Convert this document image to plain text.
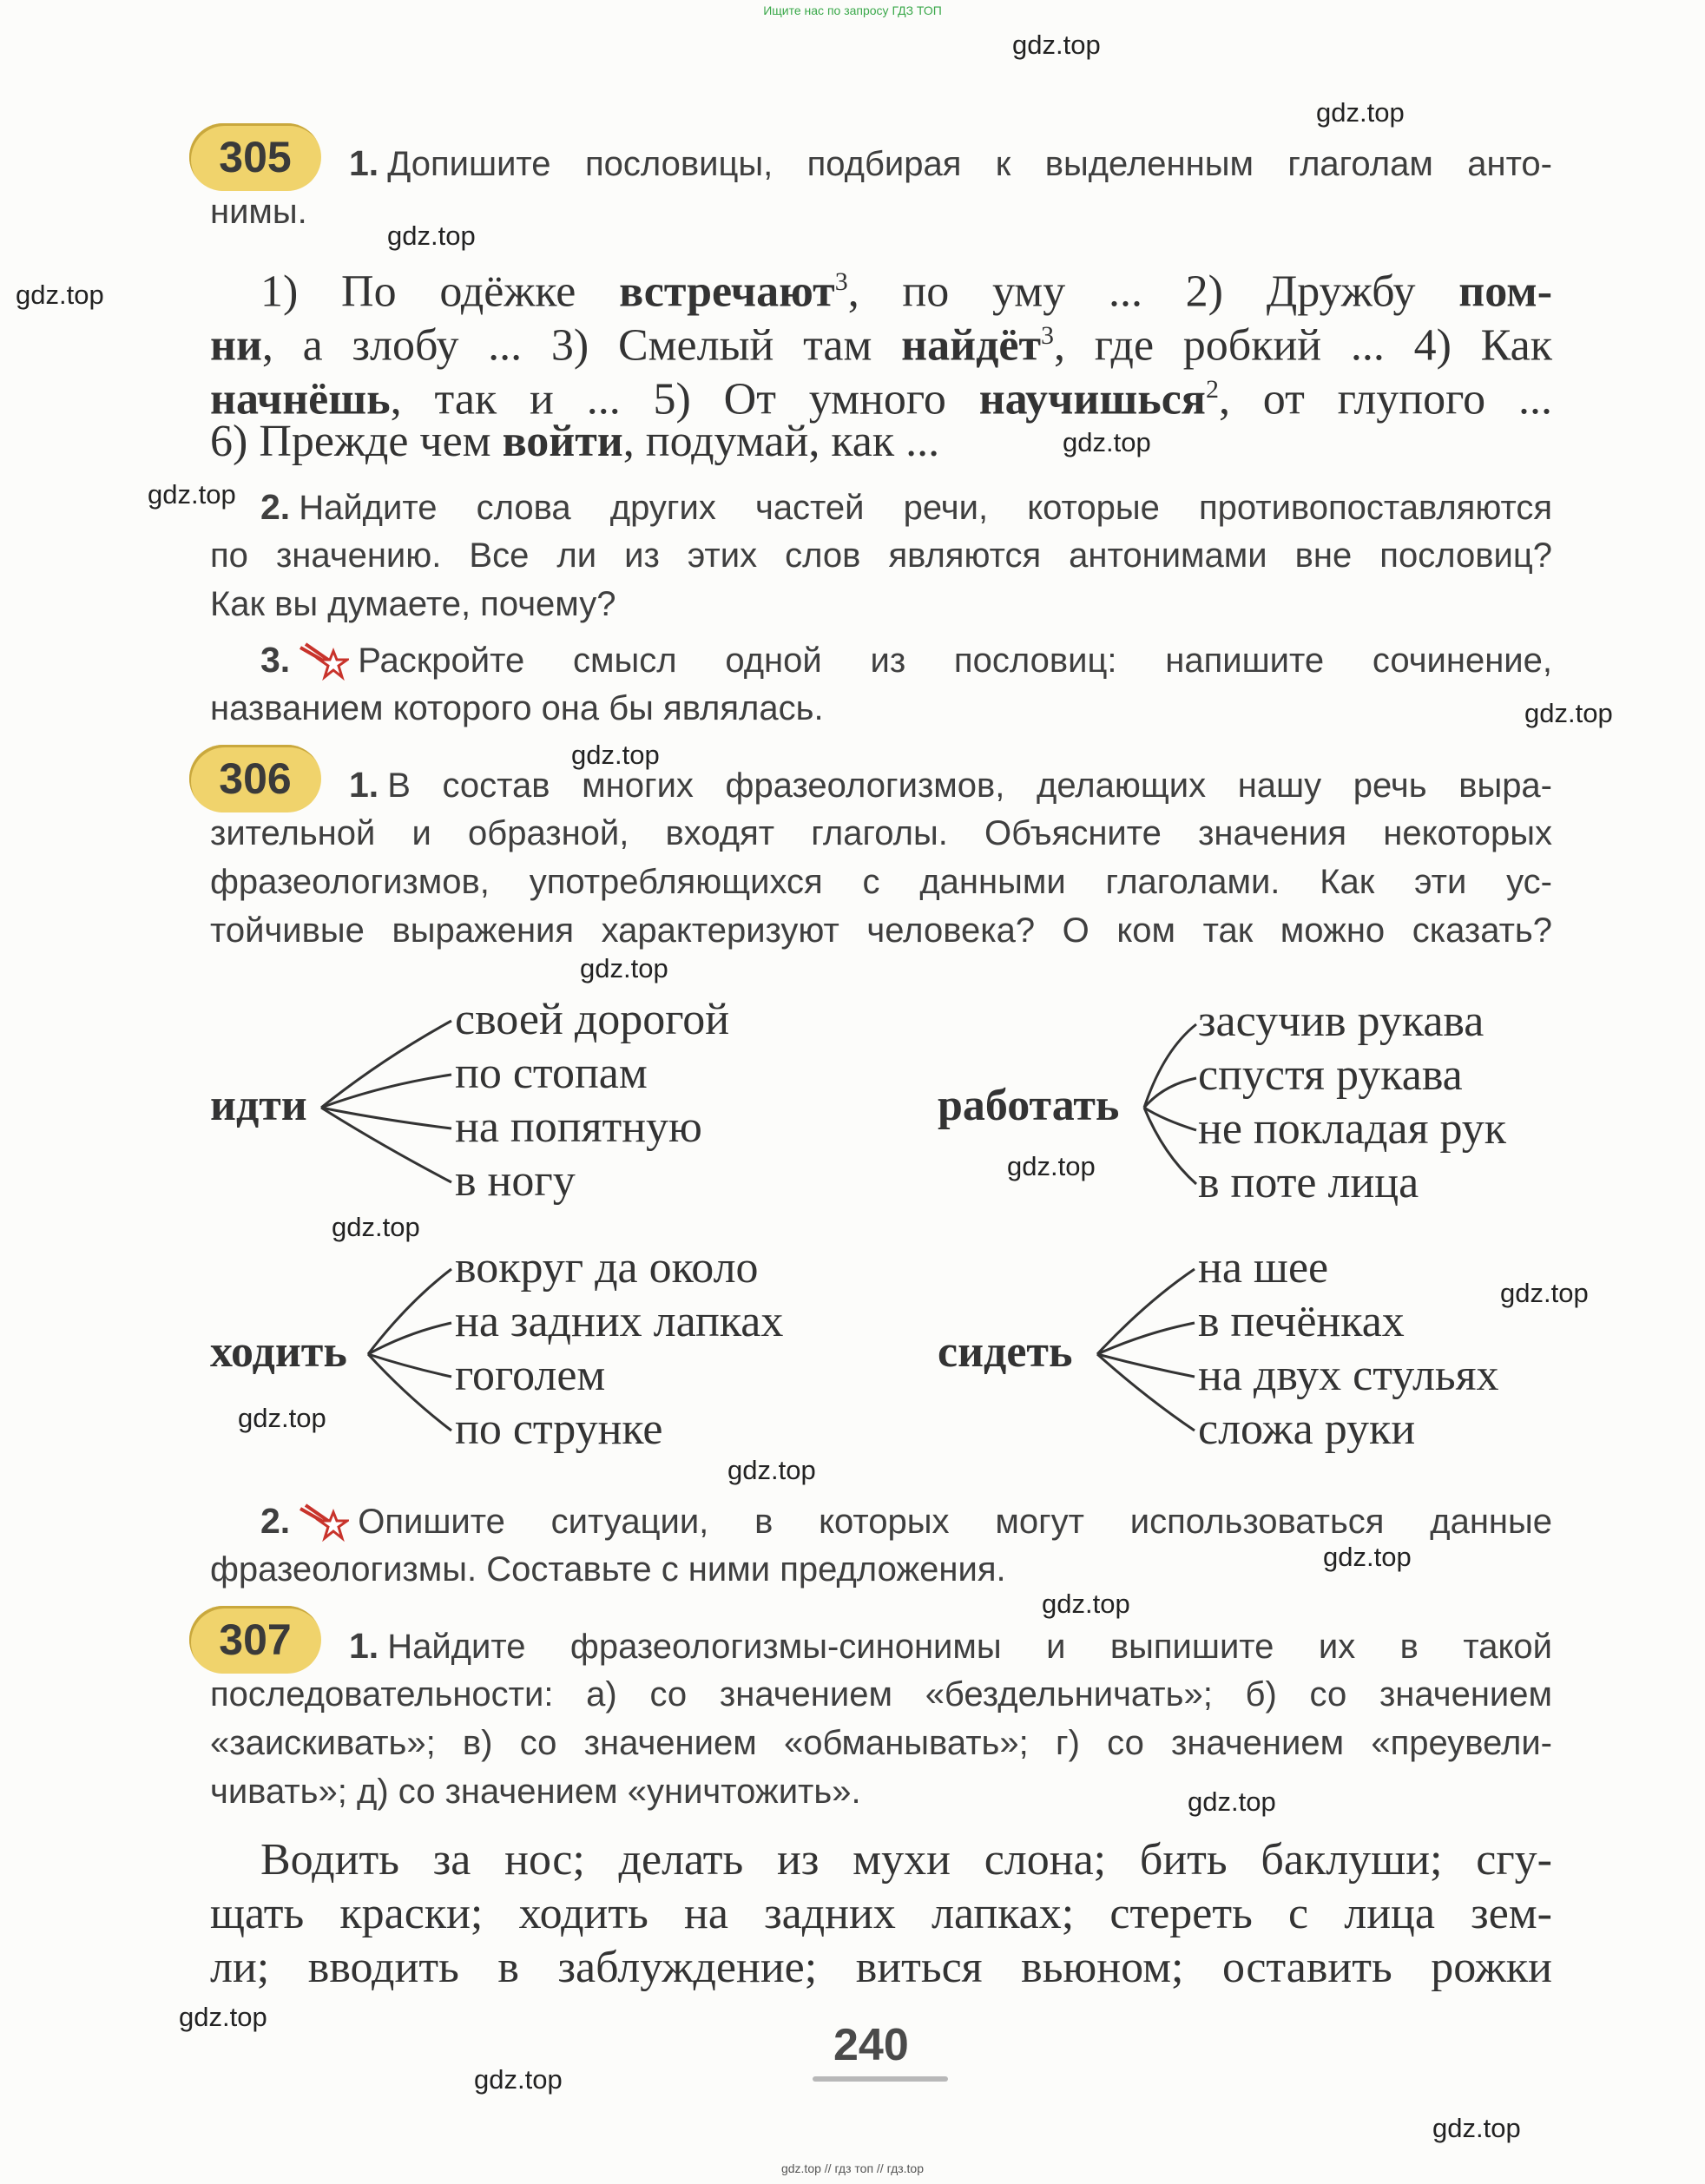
Ищите нас по запросу ГДЗ ТОП
305	1. Допишите пословицы, подбирая к выделенным глаголам анто-
нимы.
1) По одёжке встречают$^3$, по уму ... 2) Дружбу пом-
ни, а злобу ... 3) Смелый там найдёт$^3$, где робкий ... 4) Как
начнёшь, так и ... 5) От умного научишься$^2$, от глупого ...
6) Прежде чем войти, подумай, как ...
2. Найдите слова других частей речи, которые противопоставляются
по значению. Все ли из этих слов являются антонимами вне пословиц?
Как вы думаете, почему?
3. Раскройте смысл одной из пословиц: напишите сочинение,
названием которого она бы являлась.
306	1. В состав многих фразеологизмов, делающих нашу речь выра-
зительной и образной, входят глаголы. Объясните значения некоторых
фразеологизмов, употребляющихся с данными глаголами. Как эти ус-
тойчивые выражения характеризуют человека? О ком так можно сказать?
идти
своей дорогой
по стопам
на попятную
в ногу
работать
засучив рукава
спустя рукава
не покладая рук
в поте лица
ходить
вокруг да около
на задних лапках
гоголем
по струнке
сидеть
на шее
в печёнках
на двух стульях
сложа руки
2. Опишите ситуации, в которых могут использоваться данные
фразеологизмы. Составьте с ними предложения.
307	1. Найдите фразеологизмы-синонимы и выпишите их в такой
последовательности: а) со значением «бездельничать»; б) со значением
«заискивать»; в) со значением «обманывать»; г) со значением «преувели-
чивать»; д) со значением «уничтожить».
Водить за нос; делать из мухи слона; бить баклуши; сгу-
щать краски; ходить на задних лапках; стереть с лица зем-
ли; вводить в заблуждение; виться вьюном; оставить рожки
240
gdz.top // гдз топ // гдз.top
gdz.top
gdz.top
gdz.top
gdz.top
gdz.top
gdz.top
gdz.top
gdz.top
gdz.top
gdz.top
gdz.top
gdz.top
gdz.top
gdz.top
gdz.top
gdz.top
gdz.top
gdz.top
gdz.top
gdz.top
